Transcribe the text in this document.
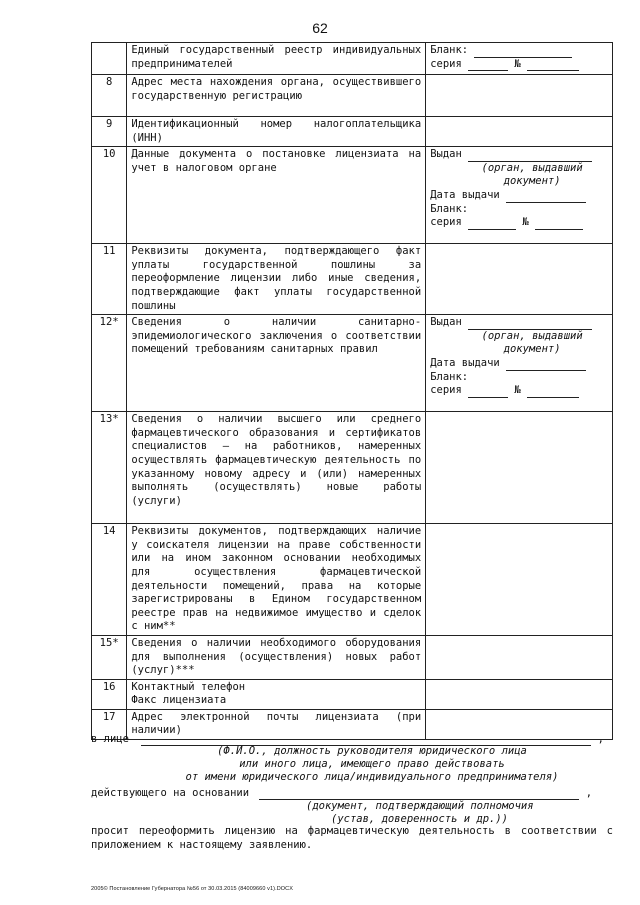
62
	Единый государственный реестр индивидуальных предпринимателей	Бланк:
серия №
8	Адрес места нахождения органа, осуществившего государственную регистрацию	
9	Идентификационный номер налогоплательщика (ИНН)	
10	Данные документа о постановке лицензиата на учет в налоговом органе	Выдан

(орган, выдавший документ)
Дата выдачи
Бланк:
серия №
11	Реквизиты документа, подтверждающего факт уплаты государственной пошлины за переоформление лицензии либо иные сведения, подтверждающие факт уплаты государственной пошлины	
12*	Сведения о наличии санитарно-эпидемиологического заключения о соответствии помещений требованиям санитарных правил	Выдан

(орган, выдавший документ)
Дата выдачи
Бланк:
серия №
13*	Сведения о наличии высшего или среднего фармацевтического образования и сертификатов специалистов – на работников, намеренных осуществлять фармацевтическую деятельность по указанному новому адресу и (или) намеренных выполнять (осуществлять) новые работы (услуги)	
14	Реквизиты документов, подтверждающих наличие у соискателя лицензии на праве собственности или на ином законном основании необходимых для осуществления фармацевтической деятельности помещений, права на которые зарегистрированы в Едином государственном реестре прав на недвижимое имущество и сделок с ним**	
15*	Сведения о наличии необходимого оборудования для выполнения (осуществления) новых работ (услуг)***	
16	Контактный телефон
Факс лицензиата	

17	Адрес электронной почты лицензиата (при наличии)	
в лице	,
(Ф.И.О., должность руководителя юридического лица
или иного лица, имеющего право действовать
от имени юридического лица/индивидуального предпринимателя)
действующего на основании	,
(документ, подтверждающий полномочия
(устав, доверенность и др.))
просит переоформить лицензию на фармацевтическую деятельность в соответствии с приложением к настоящему заявлению.
2005© Постановление Губернатора №56 от 30.03.2015 (84009660 v1).DOCX
